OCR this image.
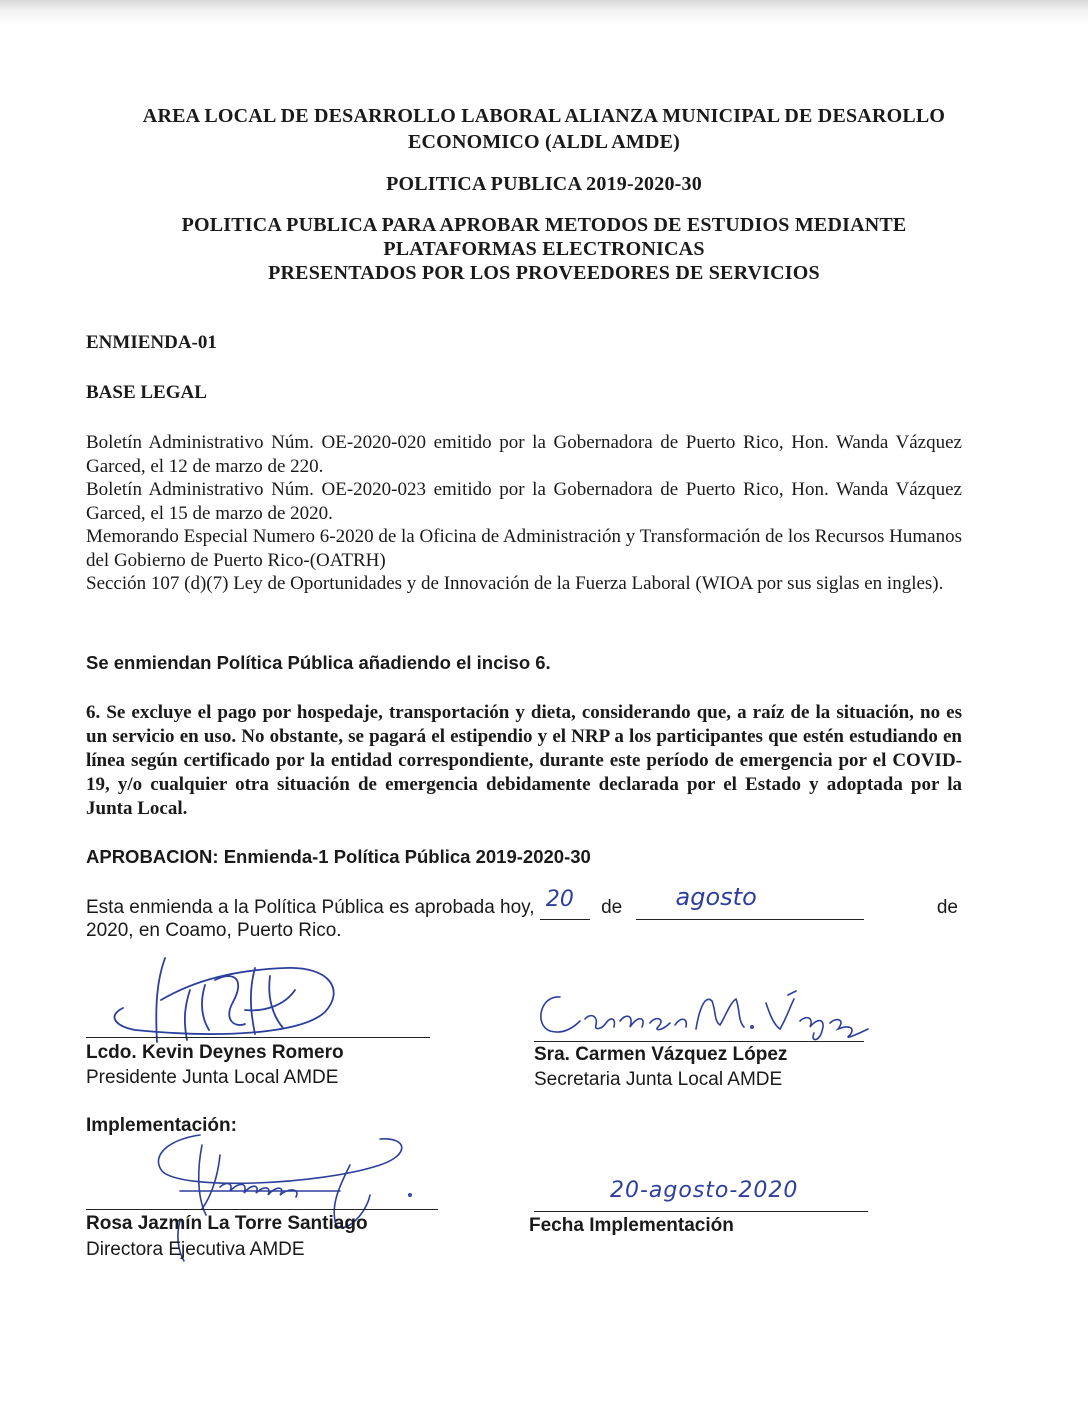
AREA LOCAL DE DESARROLLO LABORAL ALIANZA MUNICIPAL DE DESAROLLO
ECONOMICO (ALDL AMDE)
POLITICA PUBLICA 2019-2020-30
POLITICA PUBLICA PARA APROBAR METODOS DE ESTUDIOS MEDIANTE
PLATAFORMAS ELECTRONICAS
PRESENTADOS POR LOS PROVEEDORES DE SERVICIOS
ENMIENDA-01
BASE LEGAL

Boletín Administrativo Núm. OE-2020-020 emitido por la Gobernadora de Puerto Rico, Hon. Wanda Vázquez Garced, el 12 de marzo de 220.

Boletín Administrativo Núm. OE-2020-023 emitido por la Gobernadora de Puerto Rico, Hon. Wanda Vázquez Garced, el 15 de marzo de 2020.

Memorando Especial Numero 6-2020 de la Oficina de Administración y Transformación de los Recursos Humanos del Gobierno de Puerto Rico-(OATRH)

Sección 107 (d)(7) Ley de Oportunidades y de Innovación de la Fuerza Laboral (WIOA por sus siglas en ingles).

Se enmiendan Política Pública añadiendo el inciso 6.
6. Se excluye el pago por hospedaje, transportación y dieta, considerando que, a raíz de la situación, no es un servicio en uso. No obstante, se pagará el estipendio y el NRP a los participantes que estén estudiando en línea según certificado por la entidad correspondiente, durante este período de emergencia por el COVID-19, y/o cualquier otra situación de emergencia debidamente declarada por el Estado y adoptada por la Junta Local.
APROBACION: Enmienda-1 Política Pública 2019-2020-30
Esta enmienda a la Política Pública es aprobada hoy, 20 de agosto
	de
2020, en Coamo, Puerto Rico.
Lcdo. Kevin Deynes Romero
Presidente Junta Local AMDE
Sra. Carmen Vázquez López
Secretaria Junta Local AMDE
Implementación:
Rosa Jazmín La Torre Santiago
Directora Ejecutiva AMDE
20-agosto-2020
Fecha Implementación
